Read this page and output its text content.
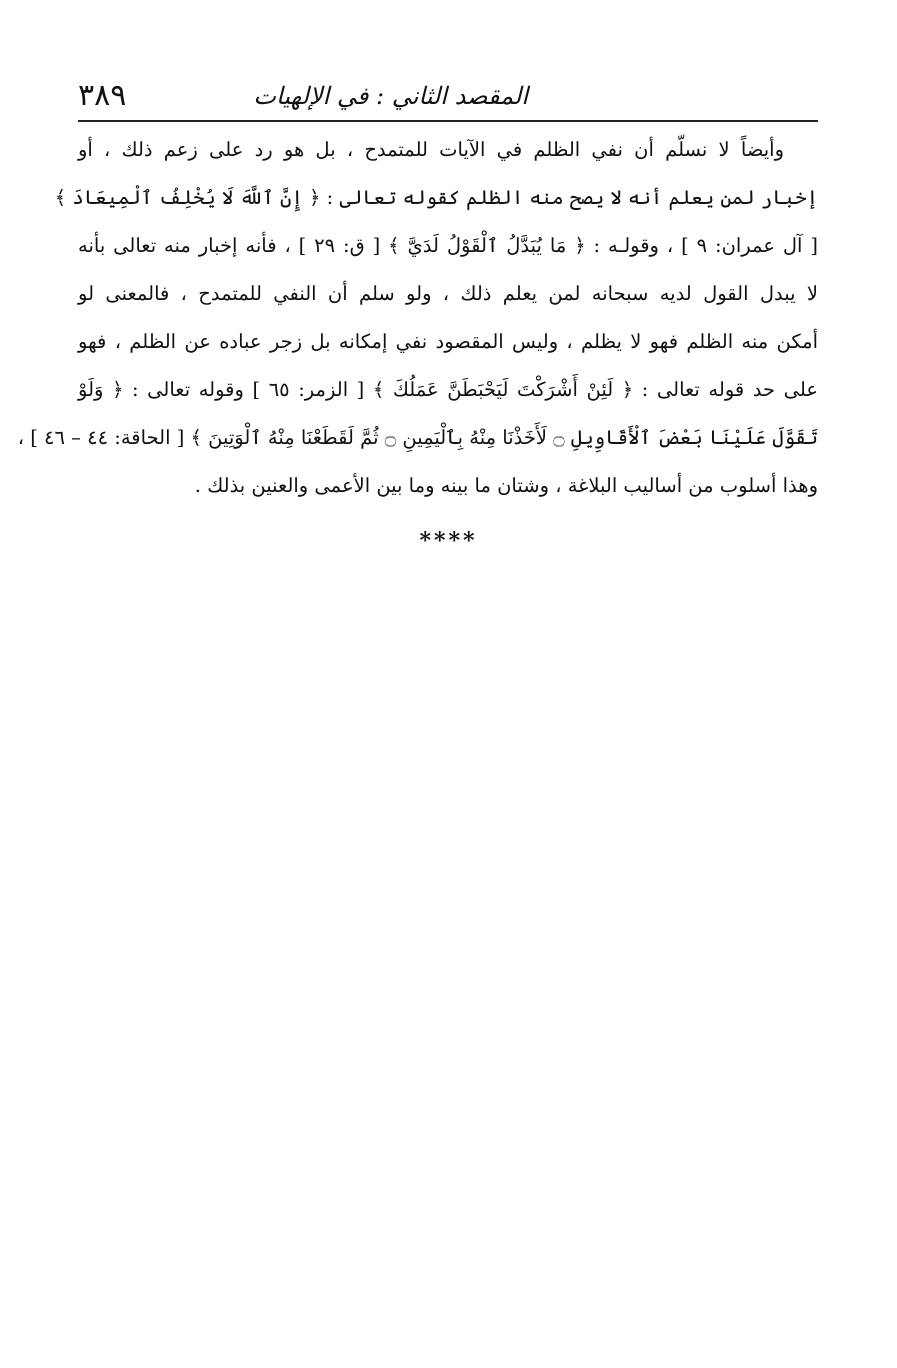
المقصد الثاني : في الإلهيات
٣٨٩
وأيضاً لا نسلّم أن نفي الظلم في الآيات للمتمدح ، بل هو رد على زعم ذلك ، أو
إخبار لمن يعلم أنه لا يصح منه الظلم كقوله تعالى : ﴿ إِنَّ ٱللَّهَ لَا يُخْلِفُ ٱلْمِيعَادَ ﴾
[ آل عمران: ٩ ] ، وقولـه : ﴿ مَا يُبَدَّلُ ٱلْقَوْلُ لَدَيَّ ﴾ [ ق: ٢٩ ] ، فأنه إخبار منه تعالى بأنه
لا يبدل القول لديه سبحانه لمن يعلم ذلك ، ولو سلم أن النفي للمتمدح ، فالمعنى لو
أمكن منه الظلم فهو لا يظلم ، وليس المقصود نفي إمكانه بل زجر عباده عن الظلم ، فهو
على حد قوله تعالى : ﴿ لَئِنْ أَشْرَكْتَ لَيَحْبَطَنَّ عَمَلُكَ ﴾ [ الزمر: ٦٥ ] وقوله تعالى : ﴿ وَلَوْ
تَقَوَّلَ عَلَيْنَا بَعْضَ ٱلْأَقَاوِيلِ ۝ لَأَخَذْنَا مِنْهُ بِٱلْيَمِينِ ۝ ثُمَّ لَقَطَعْنَا مِنْهُ ٱلْوَتِينَ ﴾ [ الحاقة: ٤٤ – ٤٦ ] ،
وهذا أسلوب من أساليب البلاغة ، وشتان ما بينه وما بين الأعمى والعنين بذلك .
****
